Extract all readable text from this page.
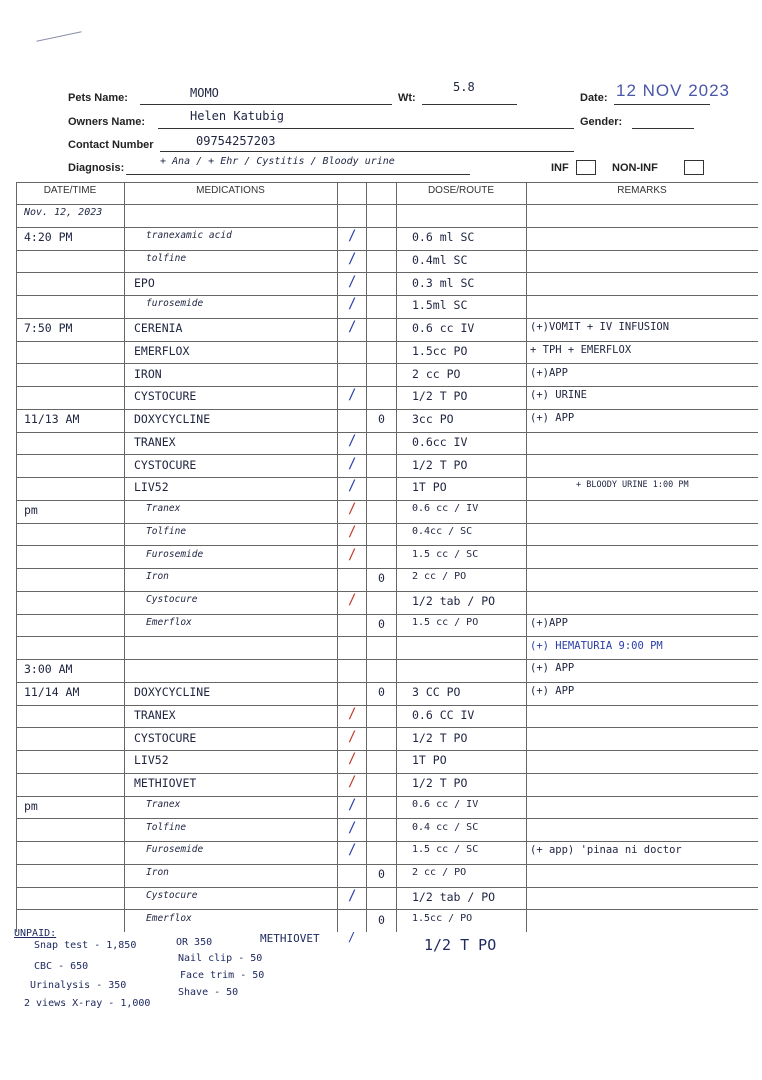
Pets Name:	MOMO	Wt:
5.8
Date: 12 NOV 2023
Owners Name:	Helen Katubig	Gender:
Contact Number	09754257203
Diagnosis:
+ Ana / + Ehr / Cystitis / Bloody urine
INF	NON-INF
DATE/TIME	MEDICATIONS	DOSE/ROUTE	REMARKS
Nov. 12, 2023
4:20 PM	tranexamic acid	/	0.6 ml SC
tolfine	/	0.4ml SC
EPO	/	0.3 ml SC
furosemide	/	1.5ml SC
7:50 PM	CERENIA	/	0.6 cc IV	(+)VOMIT + IV INFUSION
EMERFLOX	1.5cc PO	+ TPH + EMERFLOX
IRON	2 cc PO	(+)APP
CYSTOCURE	/	1/2 T PO	(+) URINE
11/13 AM	DOXYCYCLINE	0 3cc PO	(+) APP
TRANEX	/	0.6cc IV
CYSTOCURE	/	1/2 T PO
LIV52	/	1T PO	+ BLOODY URINE 1:00 PM
pm	Tranex	/	0.6 cc / IV
Tolfine	/	0.4cc / SC
Furosemide	/	1.5 cc / SC
Iron	0	2 cc / PO
Cystocure	/	1/2 tab / PO
Emerflox	0	1.5 cc / PO	(+)APP
(+) HEMATURIA 9:00 PM
3:00 AM	(+) APP
11/14 AM	DOXYCYCLINE	0 3 CC PO	(+) APP
TRANEX	/	0.6 CC IV
CYSTOCURE	/	1/2 T PO
LIV52	/	1T PO
METHIOVET	/	1/2 T PO
pm	Tranex	/	0.6 cc / IV
Tolfine	/	0.4 cc / SC
Furosemide	/	1.5 cc / SC	(+ app) 'pinaa ni doctor
Iron	0	2 cc / PO
Cystocure	/	1/2 tab / PO
Emerflox	0	1.5cc / PO
UNPAID:
Snap test - 1,850
CBC - 650
Urinalysis - 350
2 views X-ray - 1,000
OR 350
Nail clip - 50
Face trim - 50
Shave - 50
METHIOVET /	1/2 T PO
